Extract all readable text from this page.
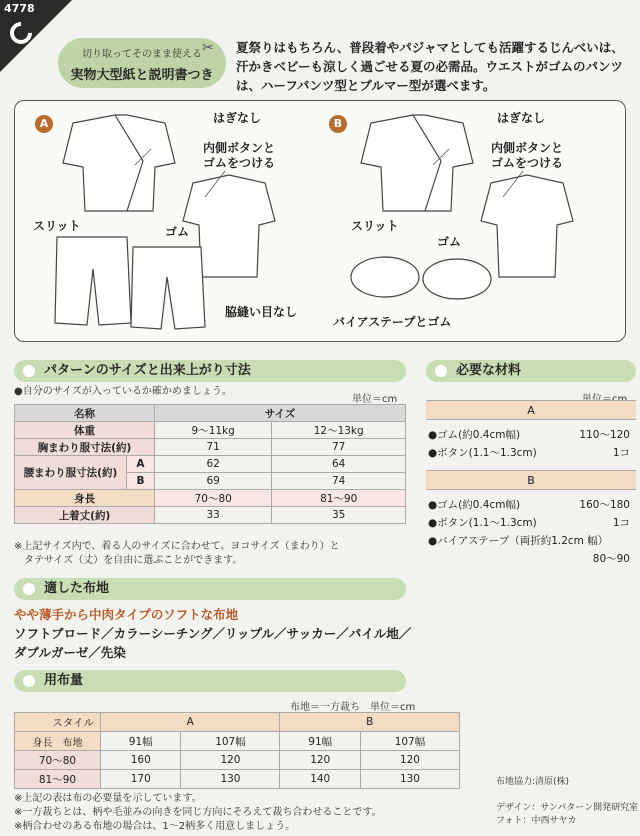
4778
切り取ってそのまま使える
実物大型紙と説明書つき
✂ 夏祭りはもちろん、普段着やパジャマとしても活躍するじんべいは、汗かきベビーも涼しく過ごせる夏の必需品。ウエストがゴムのパンツは、ハーフパンツ型とブルマー型が選べます。
A	B
はぎなし
内側ボタンと
ゴムをつける
スリット	ゴム
脇縫い目なし
はぎなし
内側ボタンと
ゴムをつける
スリット
ゴム
バイアステープとゴム
パターンのサイズと出来上がり寸法
●自分のサイズが入っているか確かめましょう。
単位＝cm
名称		サイズ	
体重		9〜11kg	12〜13kg
胸まわり服寸法(約)		71	77
腰まわり服寸法(約)	A	62	64
	B	69	74
身長		70〜80	81〜90
上着丈(約)		33	35
※上記サイズ内で、着る人のサイズに合わせて、ヨコサイズ（まわり）と
　タテサイズ（丈）を自由に選ぶことができます。
必要な材料
A
●ゴム(約0.4cm幅)	110〜120
●ボタン(1.1〜1.3cm)	1コ
B
●ゴム(約0.4cm幅)	160〜180
●ボタン(1.1〜1.3cm)	1コ
●バイアステープ（両折約1.2cm 幅）
80〜90
適した布地
やや薄手から中肉タイプのソフトな布地
ソフトブロード／カラーシーチング／リップル／サッカー／パイル地／
ダブルガーゼ／先染
用布量
布地＝一方裁ち　単位＝cm
スタイル	A		B	
身長　 布地	91幅	107幅	91幅	107幅
70〜80	160	120	120	120
81〜90	170	130	140	130
※上記の表は布の必要量を示しています。
※一方裁ちとは、柄や毛並みの向きを同じ方向にそろえて裁ち合わせることです。
※柄合わせのある布地の場合は、1〜2柄多く用意しましょう。
布地協力:清原(株)
デザイン：サンパターン開発研究室
フォト：中西サヤカ
